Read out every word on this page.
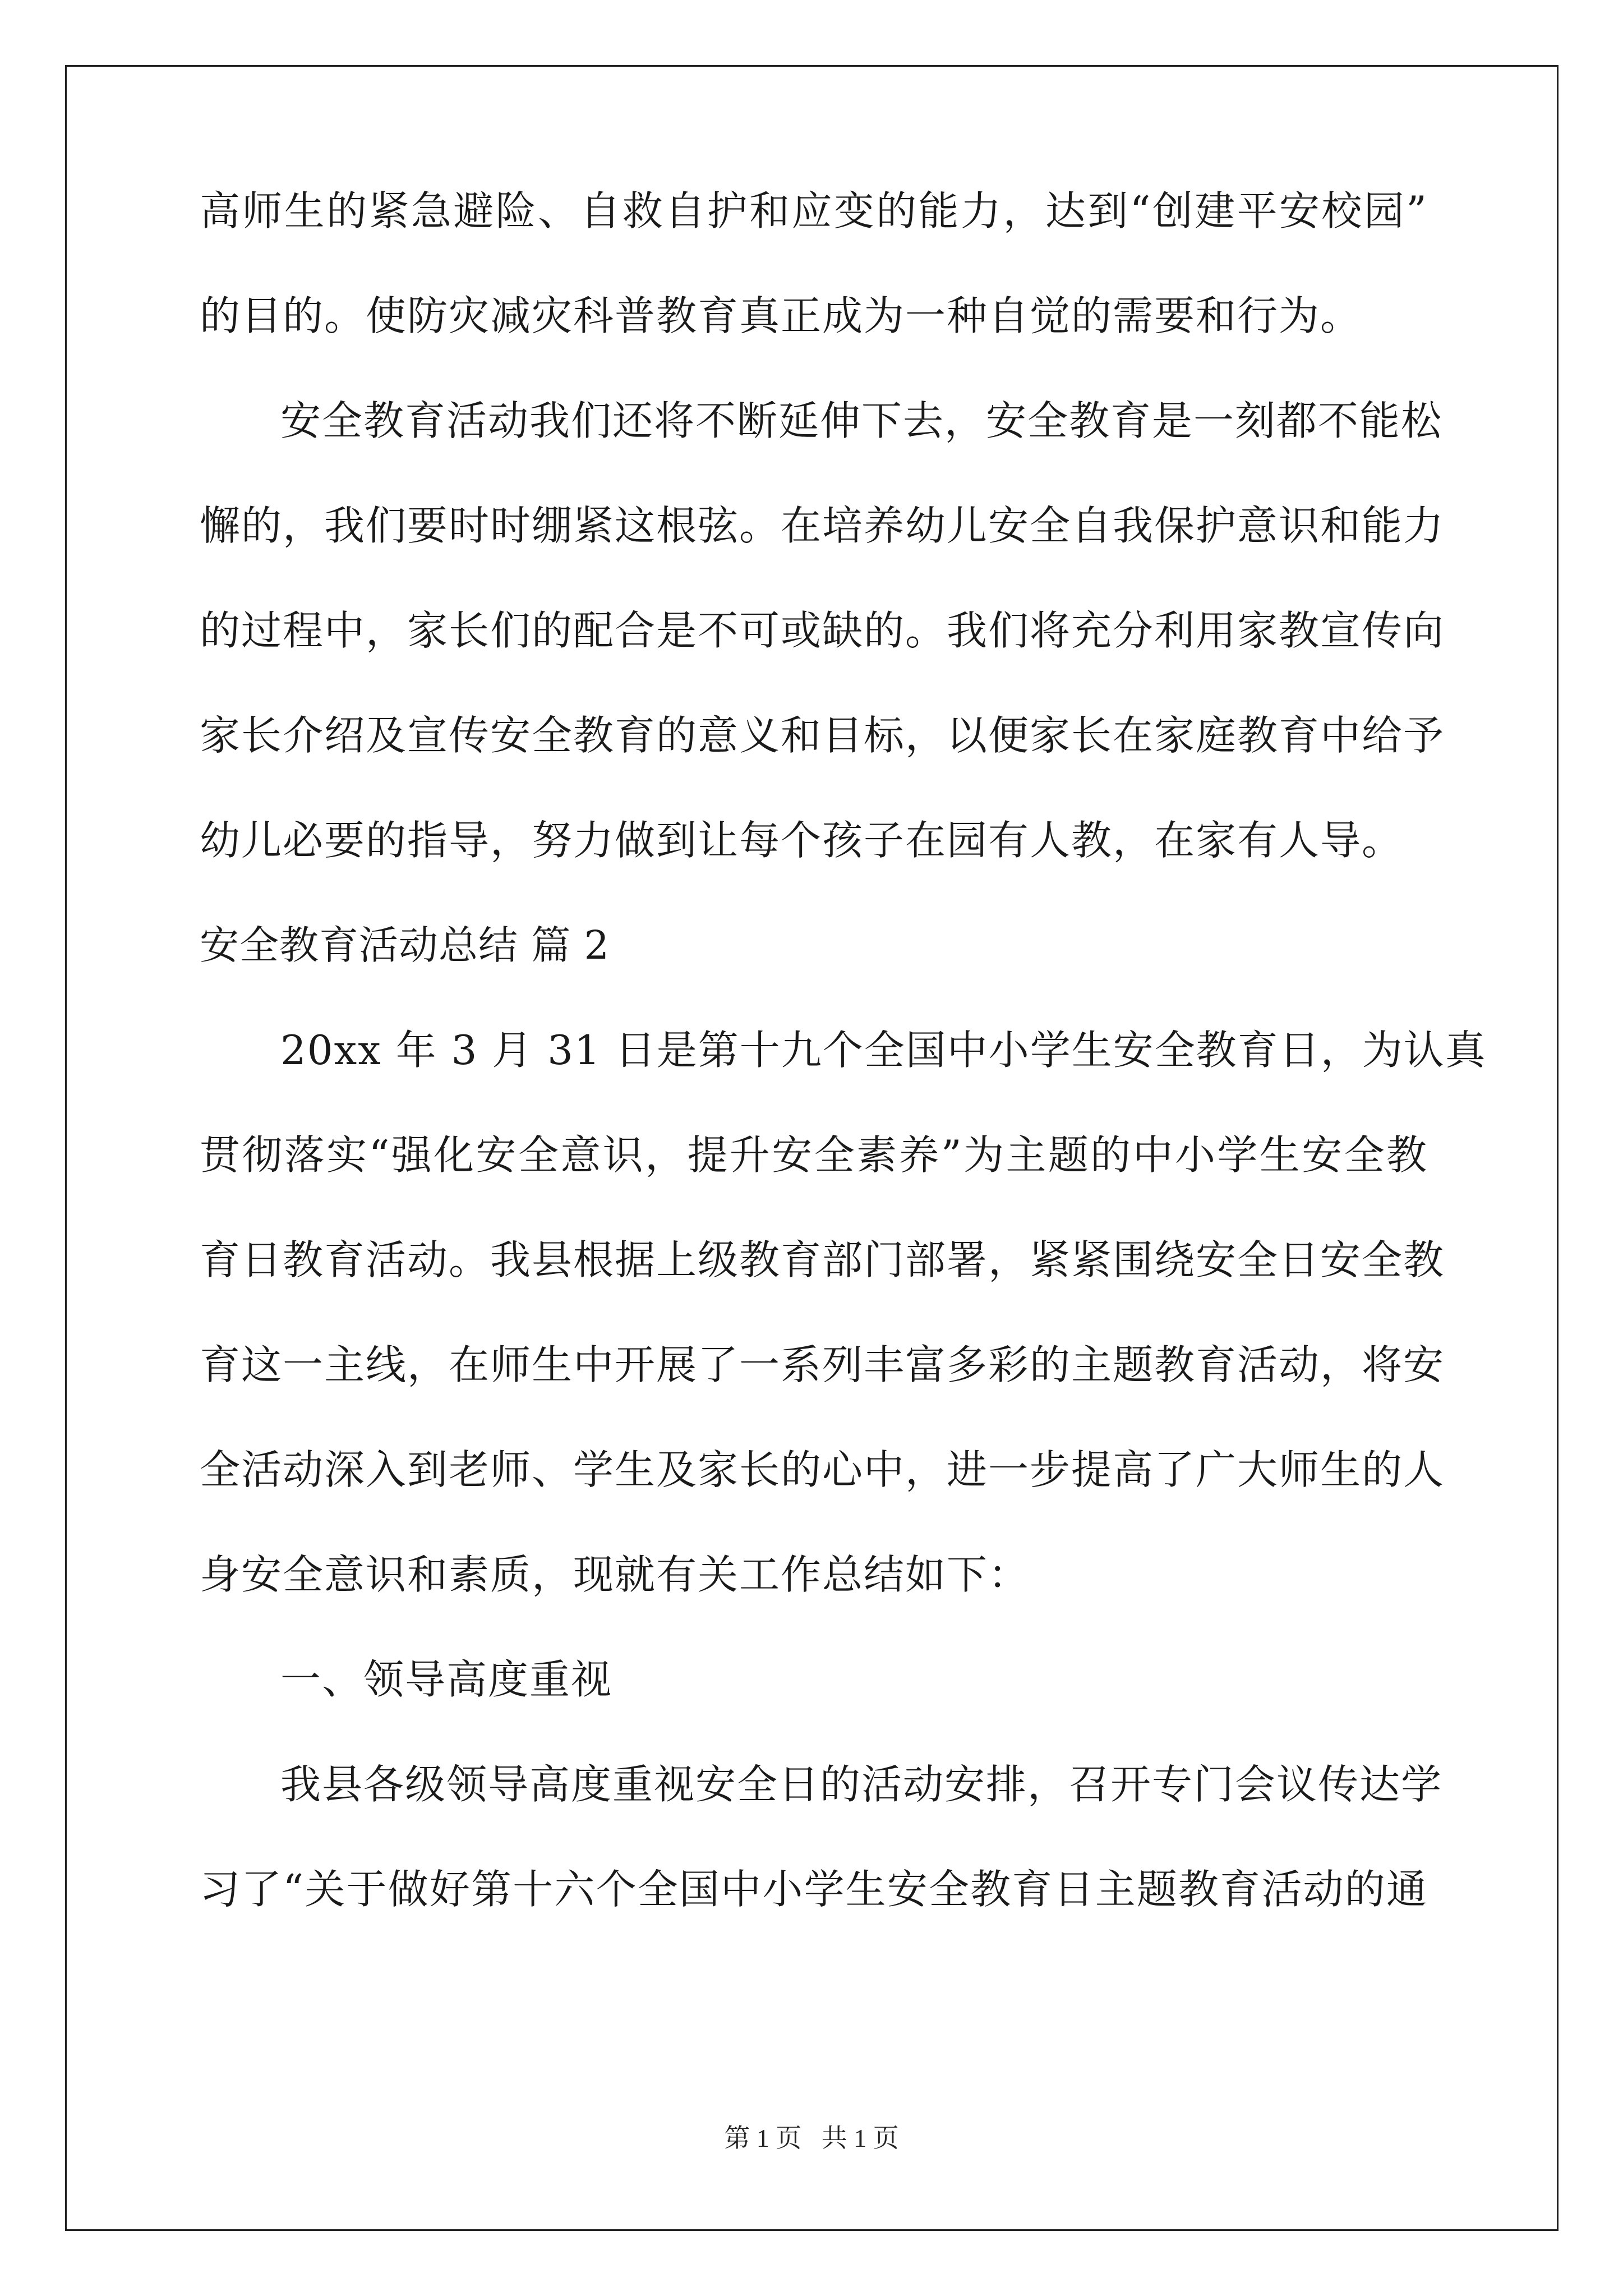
高师生的紧急避险、自救自护和应变的能力，达到“创建平安校园”
的目的。使防灾减灾科普教育真正成为一种自觉的需要和行为。
安全教育活动我们还将不断延伸下去，安全教育是一刻都不能松
懈的，我们要时时绷紧这根弦。在培养幼儿安全自我保护意识和能力
的过程中，家长们的配合是不可或缺的。我们将充分利用家教宣传向
家长介绍及宣传安全教育的意义和目标，以便家长在家庭教育中给予
幼儿必要的指导，努力做到让每个孩子在园有人教，在家有人导。
安全教育活动总结 篇 2
20xx 年 3 月 31 日是第十九个全国中小学生安全教育日，为认真
贯彻落实“强化安全意识，提升安全素养”为主题的中小学生安全教
育日教育活动。我县根据上级教育部门部署，紧紧围绕安全日安全教
育这一主线，在师生中开展了一系列丰富多彩的主题教育活动，将安
全活动深入到老师、学生及家长的心中，进一步提高了广大师生的人
身安全意识和素质，现就有关工作总结如下：
一、领导高度重视
我县各级领导高度重视安全日的活动安排，召开专门会议传达学
习了“关于做好第十六个全国中小学生安全教育日主题教育活动的通
第 1 页 共 1 页
